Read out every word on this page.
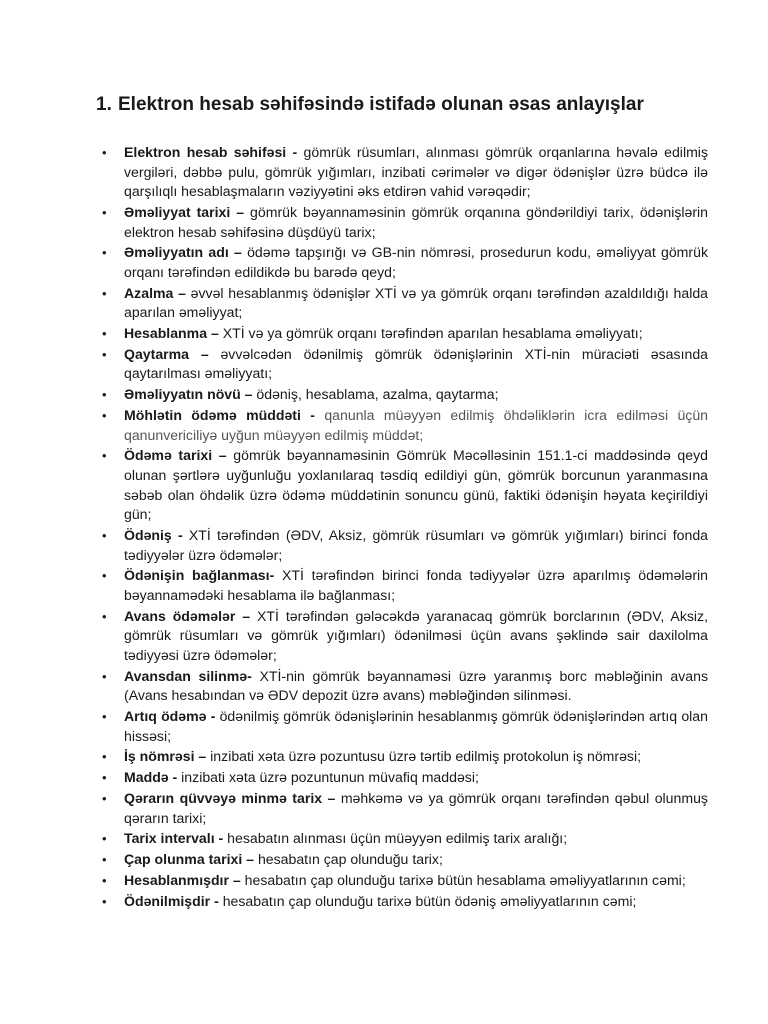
1. Elektron hesab səhifəsində istifadə olunan əsas anlayışlar
• Elektron hesab səhifəsi - gömrük rüsumları, alınması gömrük orqanlarına həvalə edilmiş vergiləri, dəbbə pulu, gömrük yığımları, inzibati cərimələr və digər ödənişlər üzrə büdcə ilə qarşılıqlı hesablaşmaların vəziyyətini əks etdirən vahid vərəqədir;
• Əməliyyat tarixi – gömrük bəyannaməsinin gömrük orqanına göndərildiyi tarix, ödənişlərin elektron hesab səhifəsinə düşdüyü tarix;
• Əməliyyatın adı – ödəmə tapşırığı və GB-nin nömrəsi, prosedurun kodu, əməliyyat gömrük orqanı tərəfindən edildikdə bu barədə qeyd;
• Azalma – əvvəl hesablanmış ödənişlər XTİ və ya gömrük orqanı tərəfindən azaldıldığı halda aparılan əməliyyat;
• Hesablanma – XTİ və ya gömrük orqanı tərəfindən aparılan hesablama əməliyyatı;
• Qaytarma – əvvəlcədən ödənilmiş gömrük ödənişlərinin XTİ-nin müraciəti əsasında qaytarılması əməliyyatı;
• Əməliyyatın növü – ödəniş, hesablama, azalma, qaytarma;
• Möhlətin ödəmə müddəti - qanunla müəyyən edilmiş öhdəliklərin icra edilməsi üçün qanunvericiliyə uyğun müəyyən edilmiş müddət;
• Ödəmə tarixi – gömrük bəyannaməsinin Gömrük Məcəlləsinin 151.1-ci maddəsində qeyd olunan şərtlərə uyğunluğu yoxlanılaraq təsdiq edildiyi gün, gömrük borcunun yaranmasına səbəb olan öhdəlik üzrə ödəmə müddətinin sonuncu günü, faktiki ödənişin həyata keçirildiyi gün;
• Ödəniş - XTİ tərəfindən (ƏDV, Aksiz, gömrük rüsumları və gömrük yığımları) birinci fonda tədiyyələr üzrə ödəmələr;
• Ödənişin bağlanması- XTİ tərəfindən birinci fonda tədiyyələr üzrə aparılmış ödəmələrin bəyannamədəki hesablama ilə bağlanması;
• Avans ödəmələr – XTİ tərəfindən gələcəkdə yaranacaq gömrük borclarının (ƏDV, Aksiz, gömrük rüsumları və gömrük yığımları) ödənilməsi üçün avans şəklində sair daxilolma tədiyyəsi üzrə ödəmələr;
• Avansdan silinmə- XTİ-nin gömrük bəyannaməsi üzrə yaranmış borc məbləğinin avans (Avans hesabından və ƏDV depozit üzrə avans) məbləğindən silinməsi.
• Artıq ödəmə - ödənilmiş gömrük ödənişlərinin hesablanmış gömrük ödənişlərindən artıq olan hissəsi;
• İş nömrəsi – inzibati xəta üzrə pozuntusu üzrə tərtib edilmiş protokolun iş nömrəsi;
• Maddə - inzibati xəta üzrə pozuntunun müvafiq maddəsi;
• Qərarın qüvvəyə minmə tarix – məhkəmə və ya gömrük orqanı tərəfindən qəbul olunmuş qərarın tarixi;
• Tarix intervalı - hesabatın alınması üçün müəyyən edilmiş tarix aralığı;
• Çap olunma tarixi – hesabatın çap olunduğu tarix;
• Hesablanmışdır – hesabatın çap olunduğu tarixə bütün hesablama əməliyyatlarının cəmi;
• Ödənilmişdir - hesabatın çap olunduğu tarixə bütün ödəniş əməliyyatlarının cəmi;
